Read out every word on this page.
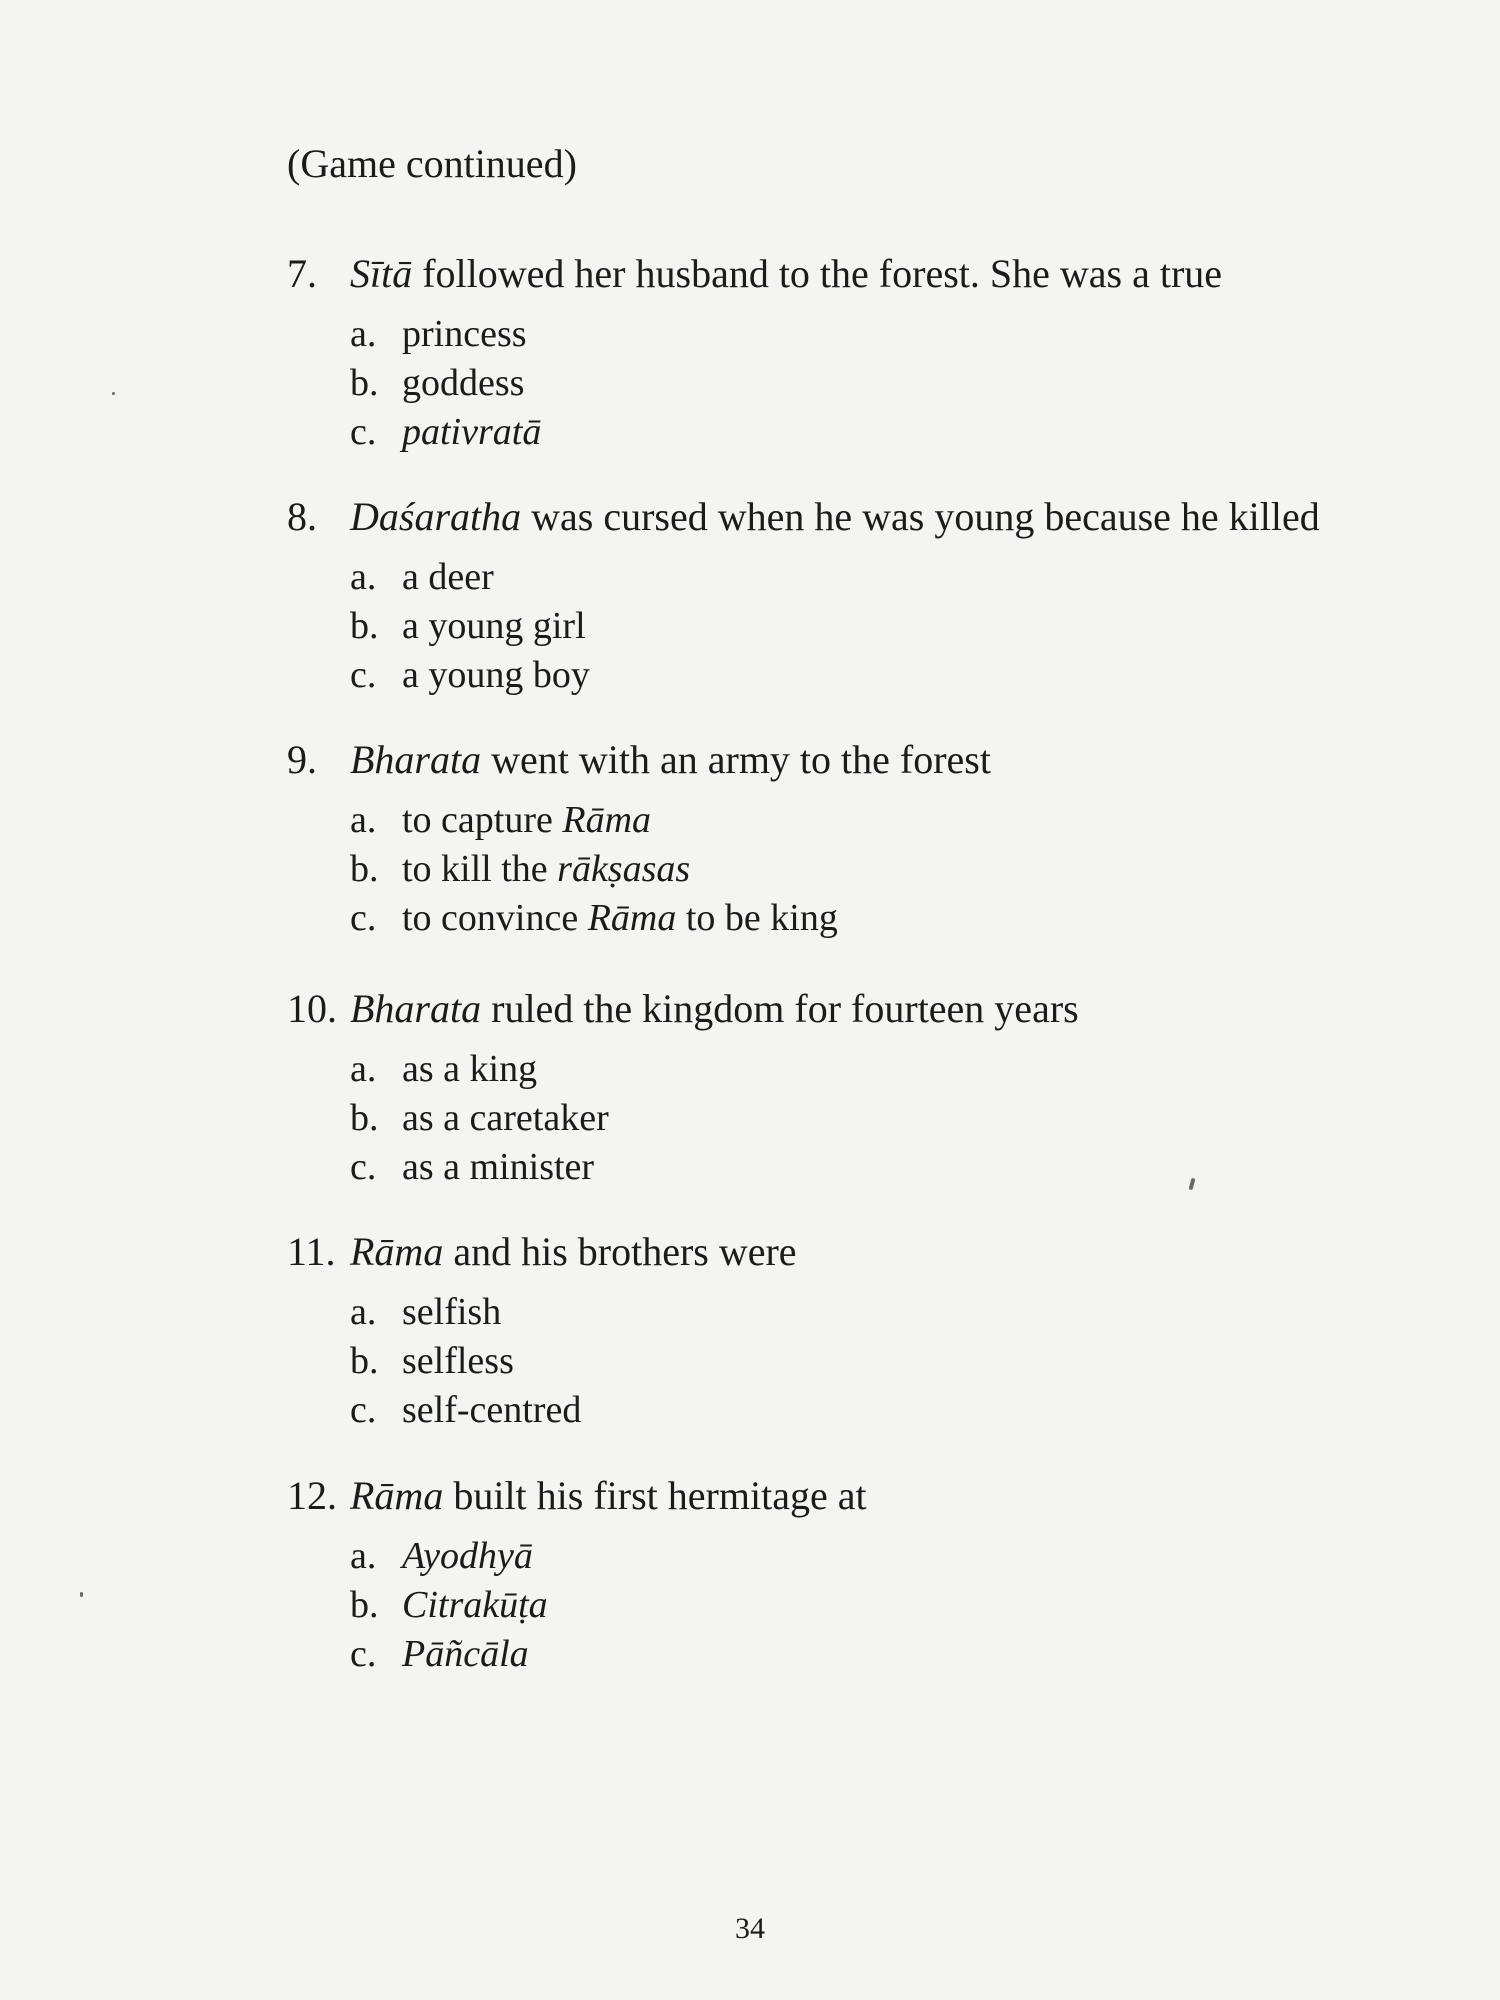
(Game continued)
7. Sītā followed her husband to the forest. She was a true
a. princess
b. goddess
c. pativratā
8. Daśaratha was cursed when he was young because he killed
a. a deer
b. a young girl
c. a young boy
9. Bharata went with an army to the forest
a. to capture Rāma
b. to kill the rākṣasas
c. to convince Rāma to be king
10. Bharata ruled the kingdom for fourteen years
a. as a king
b. as a caretaker
c. as a minister
11. Rāma and his brothers were
a. selfish
b. selfless
c. self-centred
12. Rāma built his first hermitage at
a. Ayodhyā
b. Citrakūṭa
c. Pāñcāla
34
